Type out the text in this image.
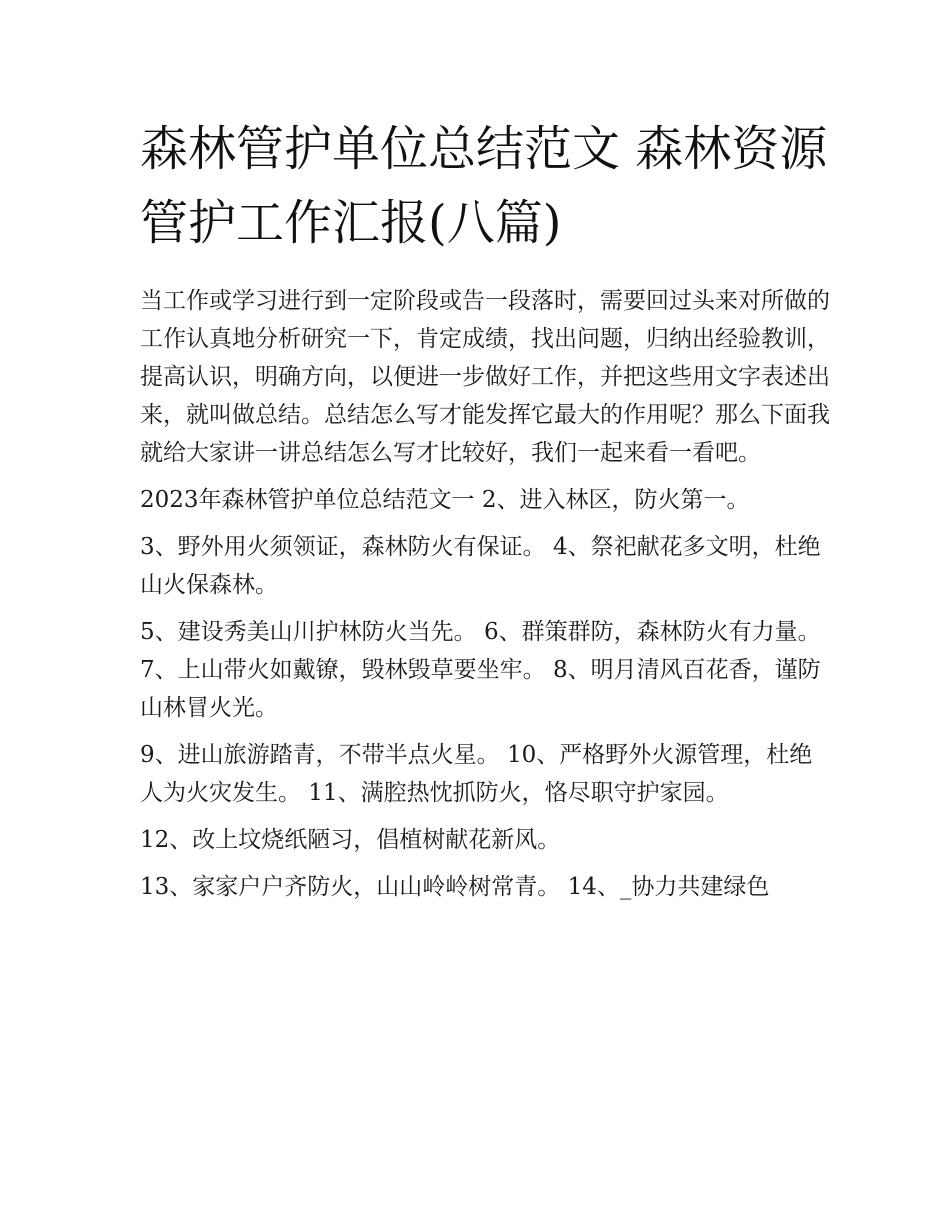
森林管护单位总结范文 森林资源管护工作汇报(八篇)

当工作或学习进行到一定阶段或告一段落时，需要回过头来对所做的工作认真地分析研究一下，肯定成绩，找出问题，归纳出经验教训，提高认识，明确方向，以便进一步做好工作，并把这些用文字表述出来，就叫做总结。总结怎么写才能发挥它最大的作用呢？那么下面我就给大家讲一讲总结怎么写才比较好，我们一起来看一看吧。

2023年森林管护单位总结范文一 2、进入林区，防火第一。

3、野外用火须领证，森林防火有保证。 4、祭祀献花多文明，杜绝山火保森林。

5、建设秀美山川护林防火当先。 6、群策群防，森林防火有力量。 7、上山带火如戴镣，毁林毁草要坐牢。 8、明月清风百花香，谨防山林冒火光。

9、进山旅游踏青，不带半点火星。 10、严格野外火源管理，杜绝人为火灾发生。 11、满腔热忱抓防火，恪尽职守护家园。

12、改上坟烧纸陋习，倡植树献花新风。

13、家家户户齐防火，山山岭岭树常青。 14、_协力共建绿色
